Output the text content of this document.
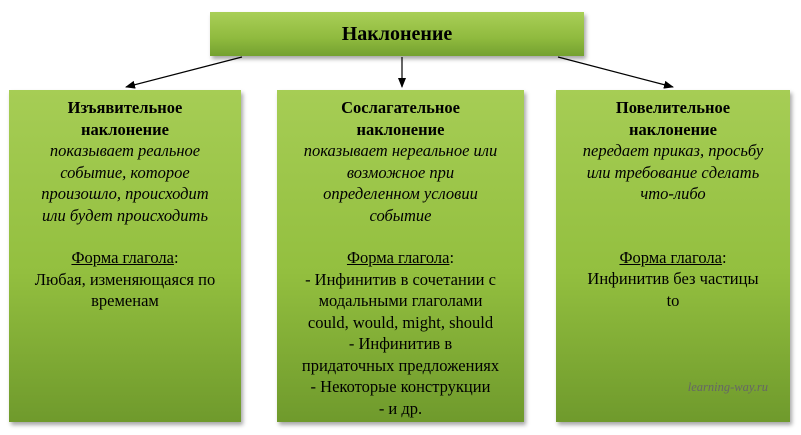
Наклонение
Изъявительное
наклонение
показывает реальное
событие, которое
произошло, происходит
или будет происходить
Форма глагола:
Любая, изменяющаяся по
временам
Сослагательное
наклонение
показывает нереальное или
возможное при
определенном условии
событие
Форма глагола:
- Инфинитив в сочетании с
модальными глаголами
could, would, might, should
- Инфинитив в
придаточных предложениях
- Некоторые конструкции
- и др.
Повелительное
наклонение
передает приказ, просьбу
или требование сделать
что-либо
Форма глагола:
Инфинитив без частицы
to
learning-way.ru
